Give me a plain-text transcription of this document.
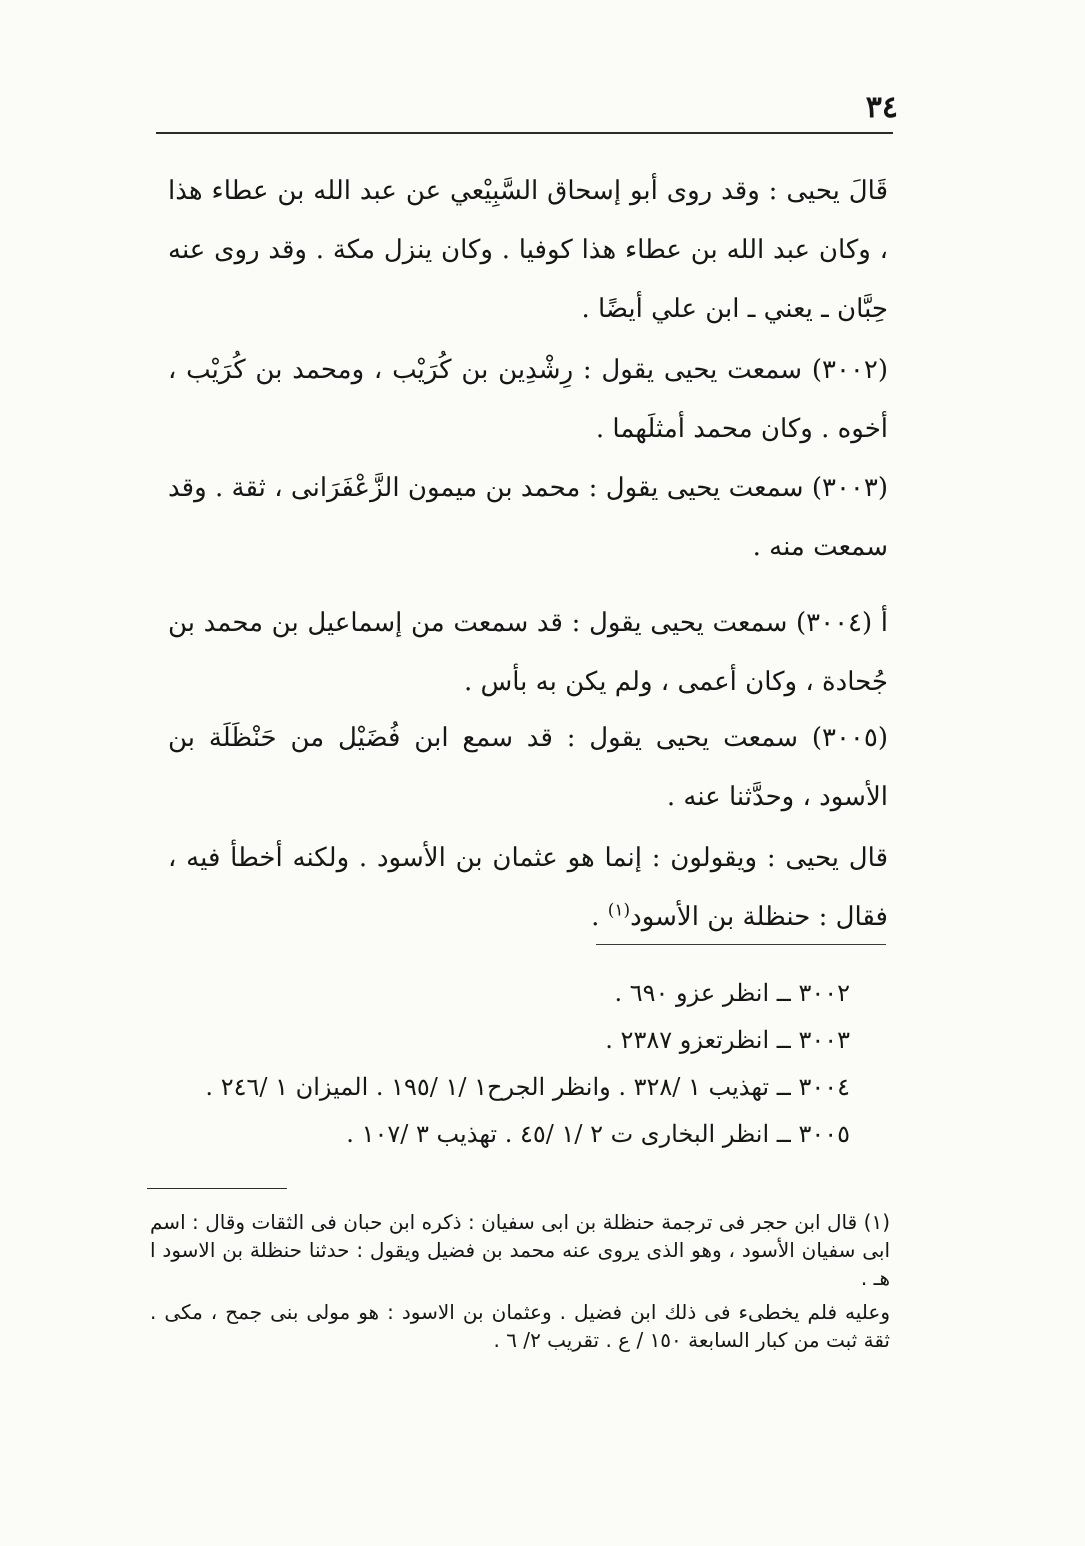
٣٤
قَالَ يحيى : وقد روى أبو إسحاق السَّبِيْعي عن عبد الله بن عطاء هذا ، وكان عبد الله بن عطاء هذا كوفيا . وكان ينزل مكة . وقد روى عنه حِبَّان ـ يعني ـ ابن علي أيضًا .
(٣٠٠٢) سمعت يحيى يقول : رِشْدِين بن كُرَيْب ، ومحمد بن كُرَيْب ، أخوه . وكان محمد أمثلَهما .
(٣٠٠٣) سمعت يحيى يقول : محمد بن ميمون الزَّعْفَرَانى ، ثقة . وقد سمعت منه .
أ (٣٠٠٤) سمعت يحيى يقول : قد سمعت من إسماعيل بن محمد بن جُحادة ، وكان أعمى ، ولم يكن به بأس .
(٣٠٠٥) سمعت يحيى يقول : قد سمع ابن فُضَيْل من حَنْظَلَة بن الأسود ، وحدَّثنا عنه .
قال يحيى : ويقولون : إنما هو عثمان بن الأسود . ولكنه أخطأ فيه ، فقال : حنظلة بن الأسود$^{(١)}$ .
٣٠٠٢ ــ انظر عزو ٦٩٠ .
٣٠٠٣ ــ انظرتعزو ٢٣٨٧ .
٣٠٠٤ ــ تهذيب ١ /٣٢٨ . وانظر الجرح١ /١ /١٩٥ . الميزان ١ /٢٤٦ .
٣٠٠٥ ــ انظر البخارى ت ٢ /١ /٤٥ . تهذيب ٣ /١٠٧ .

(١) قال ابن حجر فى ترجمة حنظلة بن ابى سفيان : ذكره ابن حبان فى الثقات وقال : اسم ابى سفيان الأسود ، وهو الذى يروى عنه محمد بن فضيل ويقول : حدثنا حنظلة بن الاسود ا هـ .

وعليه فلم يخطىء فى ذلك ابن فضيل . وعثمان بن الاسود : هو مولى بنى جمح ، مكى . ثقة ثبت من كبار السابعة ١٥٠ / ع . تقريب ٢/ ٦ .
